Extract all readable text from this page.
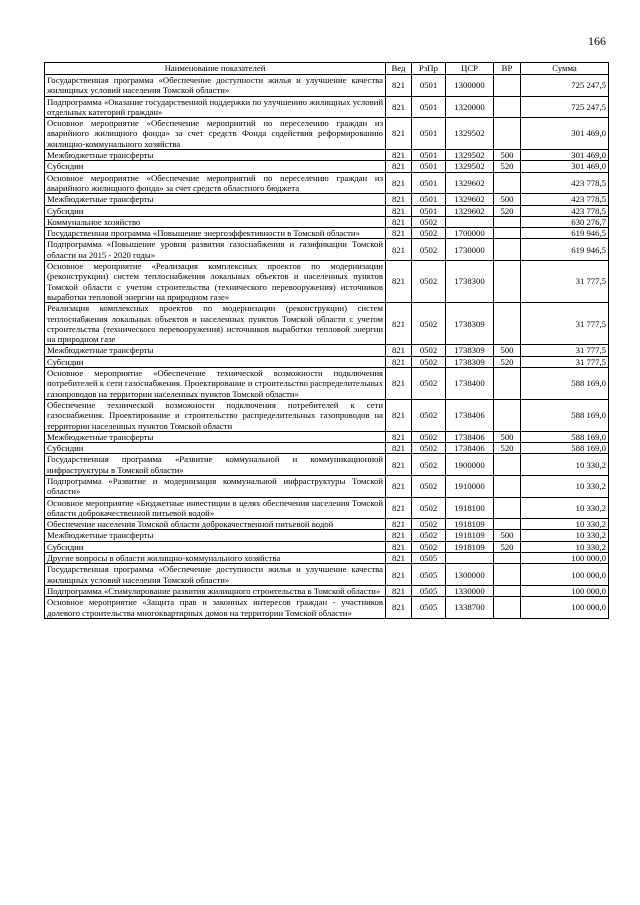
166
Наименование показателей	Вед	РзПр	ЦСР	ВР	Сумма
Государственная программа «Обеспечение доступности жилья и улучшение качества жилищных условий населения Томской области»	821	0501	1300000		725 247,5
Подпрограмма «Оказание государственной поддержки по улучшению жилищных условий отдельных категорий граждан»	821	0501	1320000		725 247,5
Основное мероприятие «Обеспечение мероприятий по переселению граждан из аварийного жилищного фонда» за счет средств Фонда содействия реформированию жилищно-коммунального хозяйства	821	0501	1329502		301 469,0
Межбюджетные трансферты	821	0501	1329502	500	301 469,0
Субсидии	821	0501	1329502	520	301 469,0
Основное мероприятие «Обеспечение мероприятий по переселению граждан из аварийного жилищного фонда» за счет средств областного бюджета	821	0501	1329602		423 778,5
Межбюджетные трансферты	821	0501	1329602	500	423 778,5
Субсидии	821	0501	1329602	520	423 778,5
Коммунальное хозяйство	821	0502			630 276,7
Государственная программа «Повышение энергоэффективности в Томской области»	821	0502	1700000		619 946,5
Подпрограмма «Повышение уровня развития газоснабжения и газификации Томской области на 2015 - 2020 годы»	821	0502	1730000		619 946,5
Основное мероприятие «Реализация комплексных проектов по модернизации (реконструкции) систем теплоснабжения локальных объектов и населенных пунктов Томской области с учетом строительства (технического перевооружения) источников выработки тепловой энергии на природном газе»	821	0502	1738300		31 777,5
Реализация комплексных проектов по модернизации (реконструкции) систем теплоснабжения локальных объектов и населенных пунктов Томской области с учетом строительства (технического перевооружения) источников выработки тепловой энергии на природном газе	821	0502	1738309		31 777,5
Межбюджетные трансферты	821	0502	1738309	500	31 777,5
Субсидии	821	0502	1738309	520	31 777,5
Основное мероприятие «Обеспечение технической возможности подключения потребителей к сети газоснабжения. Проектирование и строительство распределительных газопроводов на территории населенных пунктов Томской области»	821	0502	1738400		588 169,0
Обеспечение технической возможности подключения потребителей к сети газоснабжения. Проектирование и строительство распределительных газопроводов на территории населенных пунктов Томской области	821	0502	1738406		588 169,0
Межбюджетные трансферты	821	0502	1738406	500	588 169,0
Субсидии	821	0502	1738406	520	588 169,0
Государственная программа «Развитие коммунальной и коммуникационной инфраструктуры в Томской области»	821	0502	1900000		10 330,2
Подпрограмма «Развитие и модернизация коммунальной инфраструктуры Томской области»	821	0502	1910000		10 330,2
Основное мероприятие «Бюджетные инвестиции в целях обеспечения населения Томской области доброкачественной питьевой водой»	821	0502	1918100		10 330,2
Обеспечение населения Томской области доброкачественной питьевой водой	821	0502	1918109		10 330,2
Межбюджетные трансферты	821	0502	1918109	500	10 330,2
Субсидии	821	0502	1918109	520	10 330,2
Другие вопросы в области жилищно-коммунального хозяйства	821	0505			100 000,0
Государственная программа «Обеспечение доступности жилья и улучшение качества жилищных условий населения Томской области»	821	0505	1300000		100 000,0
Подпрограмма «Стимулирование развития жилищного строительства в Томской области»	821	0505	1330000		100 000,0
Основное мероприятие «Защита прав и законных интересов граждан - участников долевого строительства многоквартирных домов на территории Томской области»	821	0505	1338700		100 000,0
